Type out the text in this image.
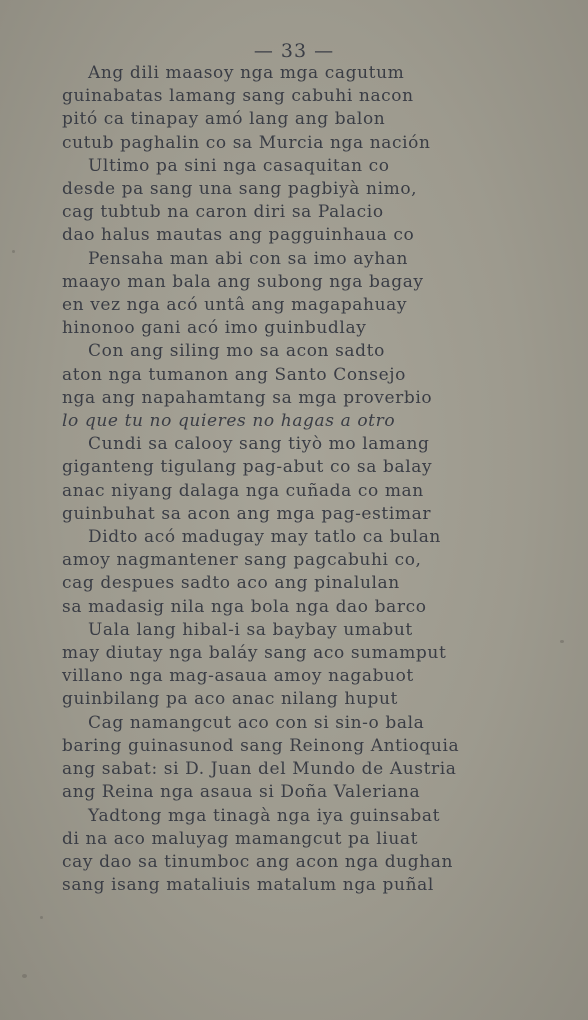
— 33 —
Ang dili maasoy nga mga cagutum
guinabatas lamang sang cabuhi nacon
pitó ca tinapay amó lang ang balon
cutub paghalin co sa Murcia nga nación
Ultimo pa sini nga casaquitan co
desde pa sang una sang pagbiyà nimo,
cag tubtub na caron diri sa Palacio
dao halus mautas ang pagguinhaua co
Pensaha man abi con sa imo ayhan
maayo man bala ang subong nga bagay
en vez nga acó untâ ang magapahuay
hinonoo gani acó imo guinbudlay
Con ang siling mo sa acon sadto
aton nga tumanon ang Santo Consejo
nga ang napahamtang sa mga proverbio
lo que tu no quieres no hagas a otro
Cundi sa calooy sang tiyò mo lamang
giganteng tigulang pag-abut co sa balay
anac niyang dalaga nga cuñada co man
guinbuhat sa acon ang mga pag-estimar
Didto acó madugay may tatlo ca bulan
amoy nagmantener sang pagcabuhi co,
cag despues sadto aco ang pinalulan
sa madasig nila nga bola nga dao barco
Uala lang hibal-i sa baybay umabut
may diutay nga baláy sang aco sumamput
villano nga mag-asaua amoy nagabuot
guinbilang pa aco anac nilang huput
Cag namangcut aco con si sin-o bala
baring guinasunod sang Reinong Antioquia
ang sabat: si D. Juan del Mundo de Austria
ang Reina nga asaua si Doña Valeriana
Yadtong mga tinagà nga iya guinsabat
di na aco maluyag mamangcut pa liuat
cay dao sa tinumboc ang acon nga dughan
sang isang mataliuis matalum nga puñal
